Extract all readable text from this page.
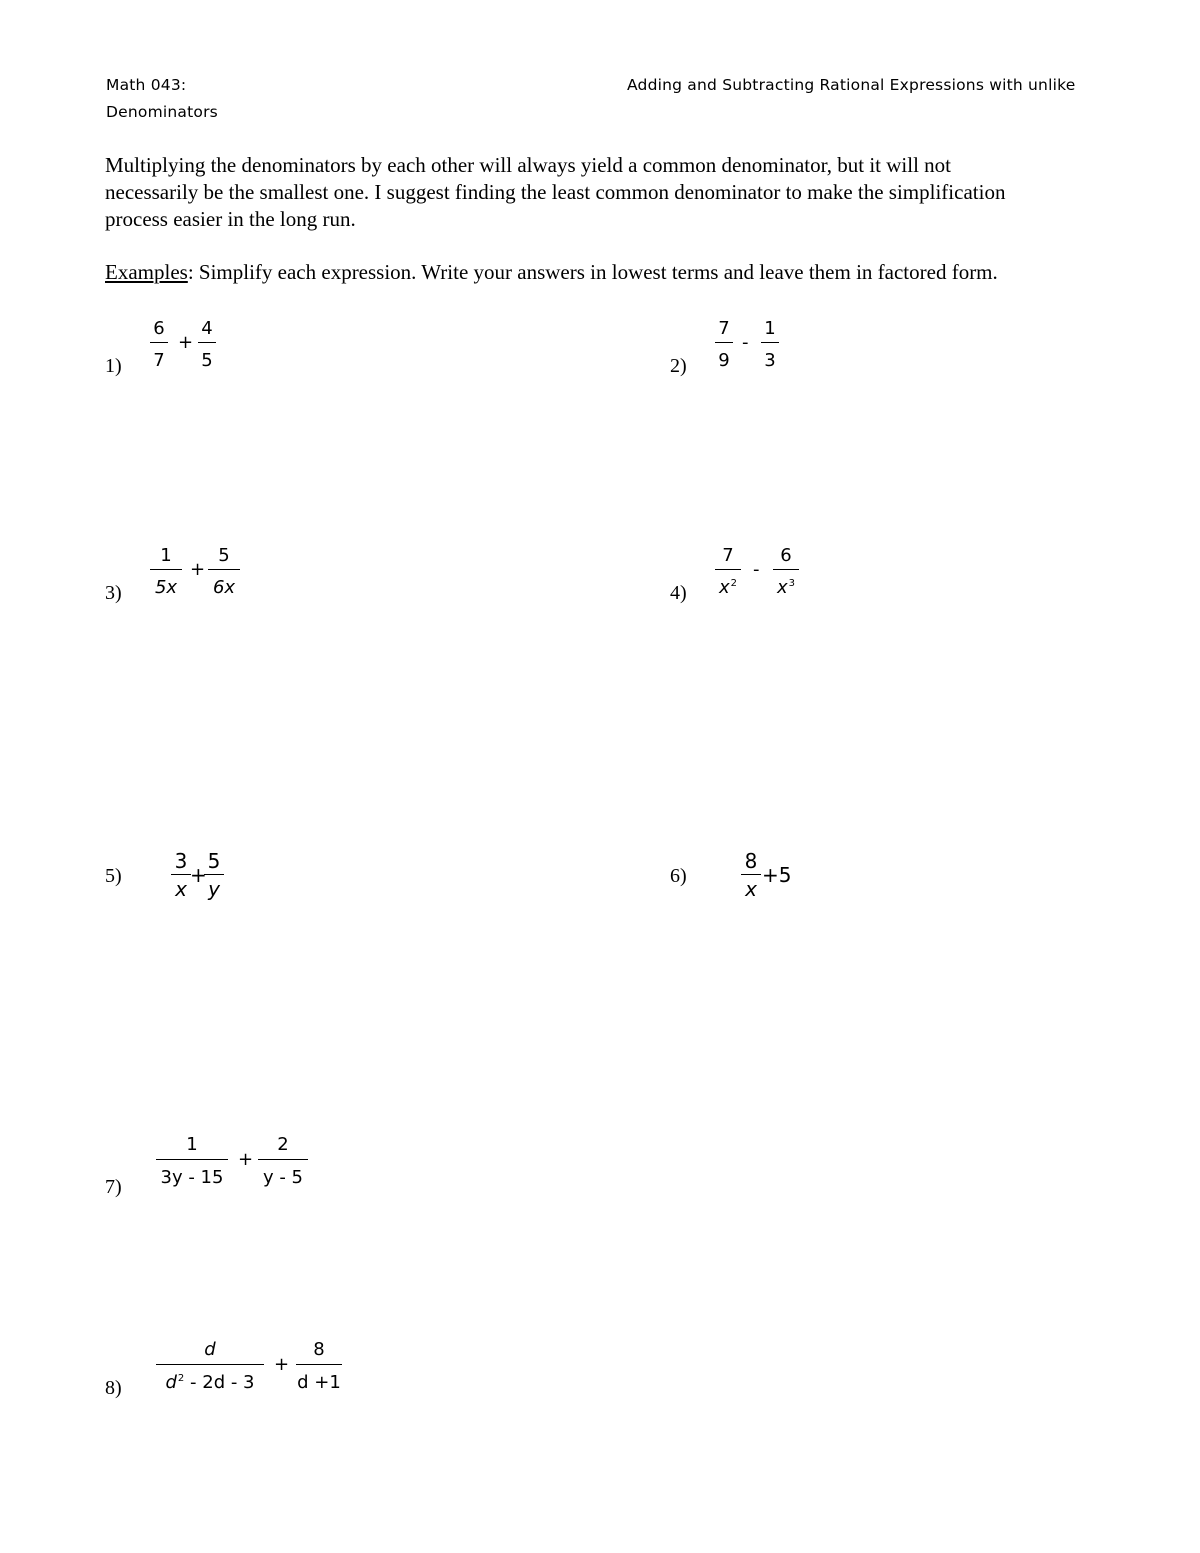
Math 043:	Adding and Subtracting Rational Expressions with unlike
Denominators
Multiplying the denominators by each other will always yield a common denominator, but it will not
necessarily be the smallest one. I suggest finding the least common denominator to make the simplification
process easier in the long run.
Examples: Simplify each expression. Write your answers in lowest terms and leave them in factored form.
1)
6
7
+
4
5	2)
7
9
-
1
3
3)
1
5x
+
5
6x	4)
7
$x^2$
-
6
$x^3$
5)
3
x
+
5
y
6)
8
x
+5
7)
1
3y - 15
+
2
y - 5
8)
d
$d^2 - 2d - 3$
+
8
d +1
